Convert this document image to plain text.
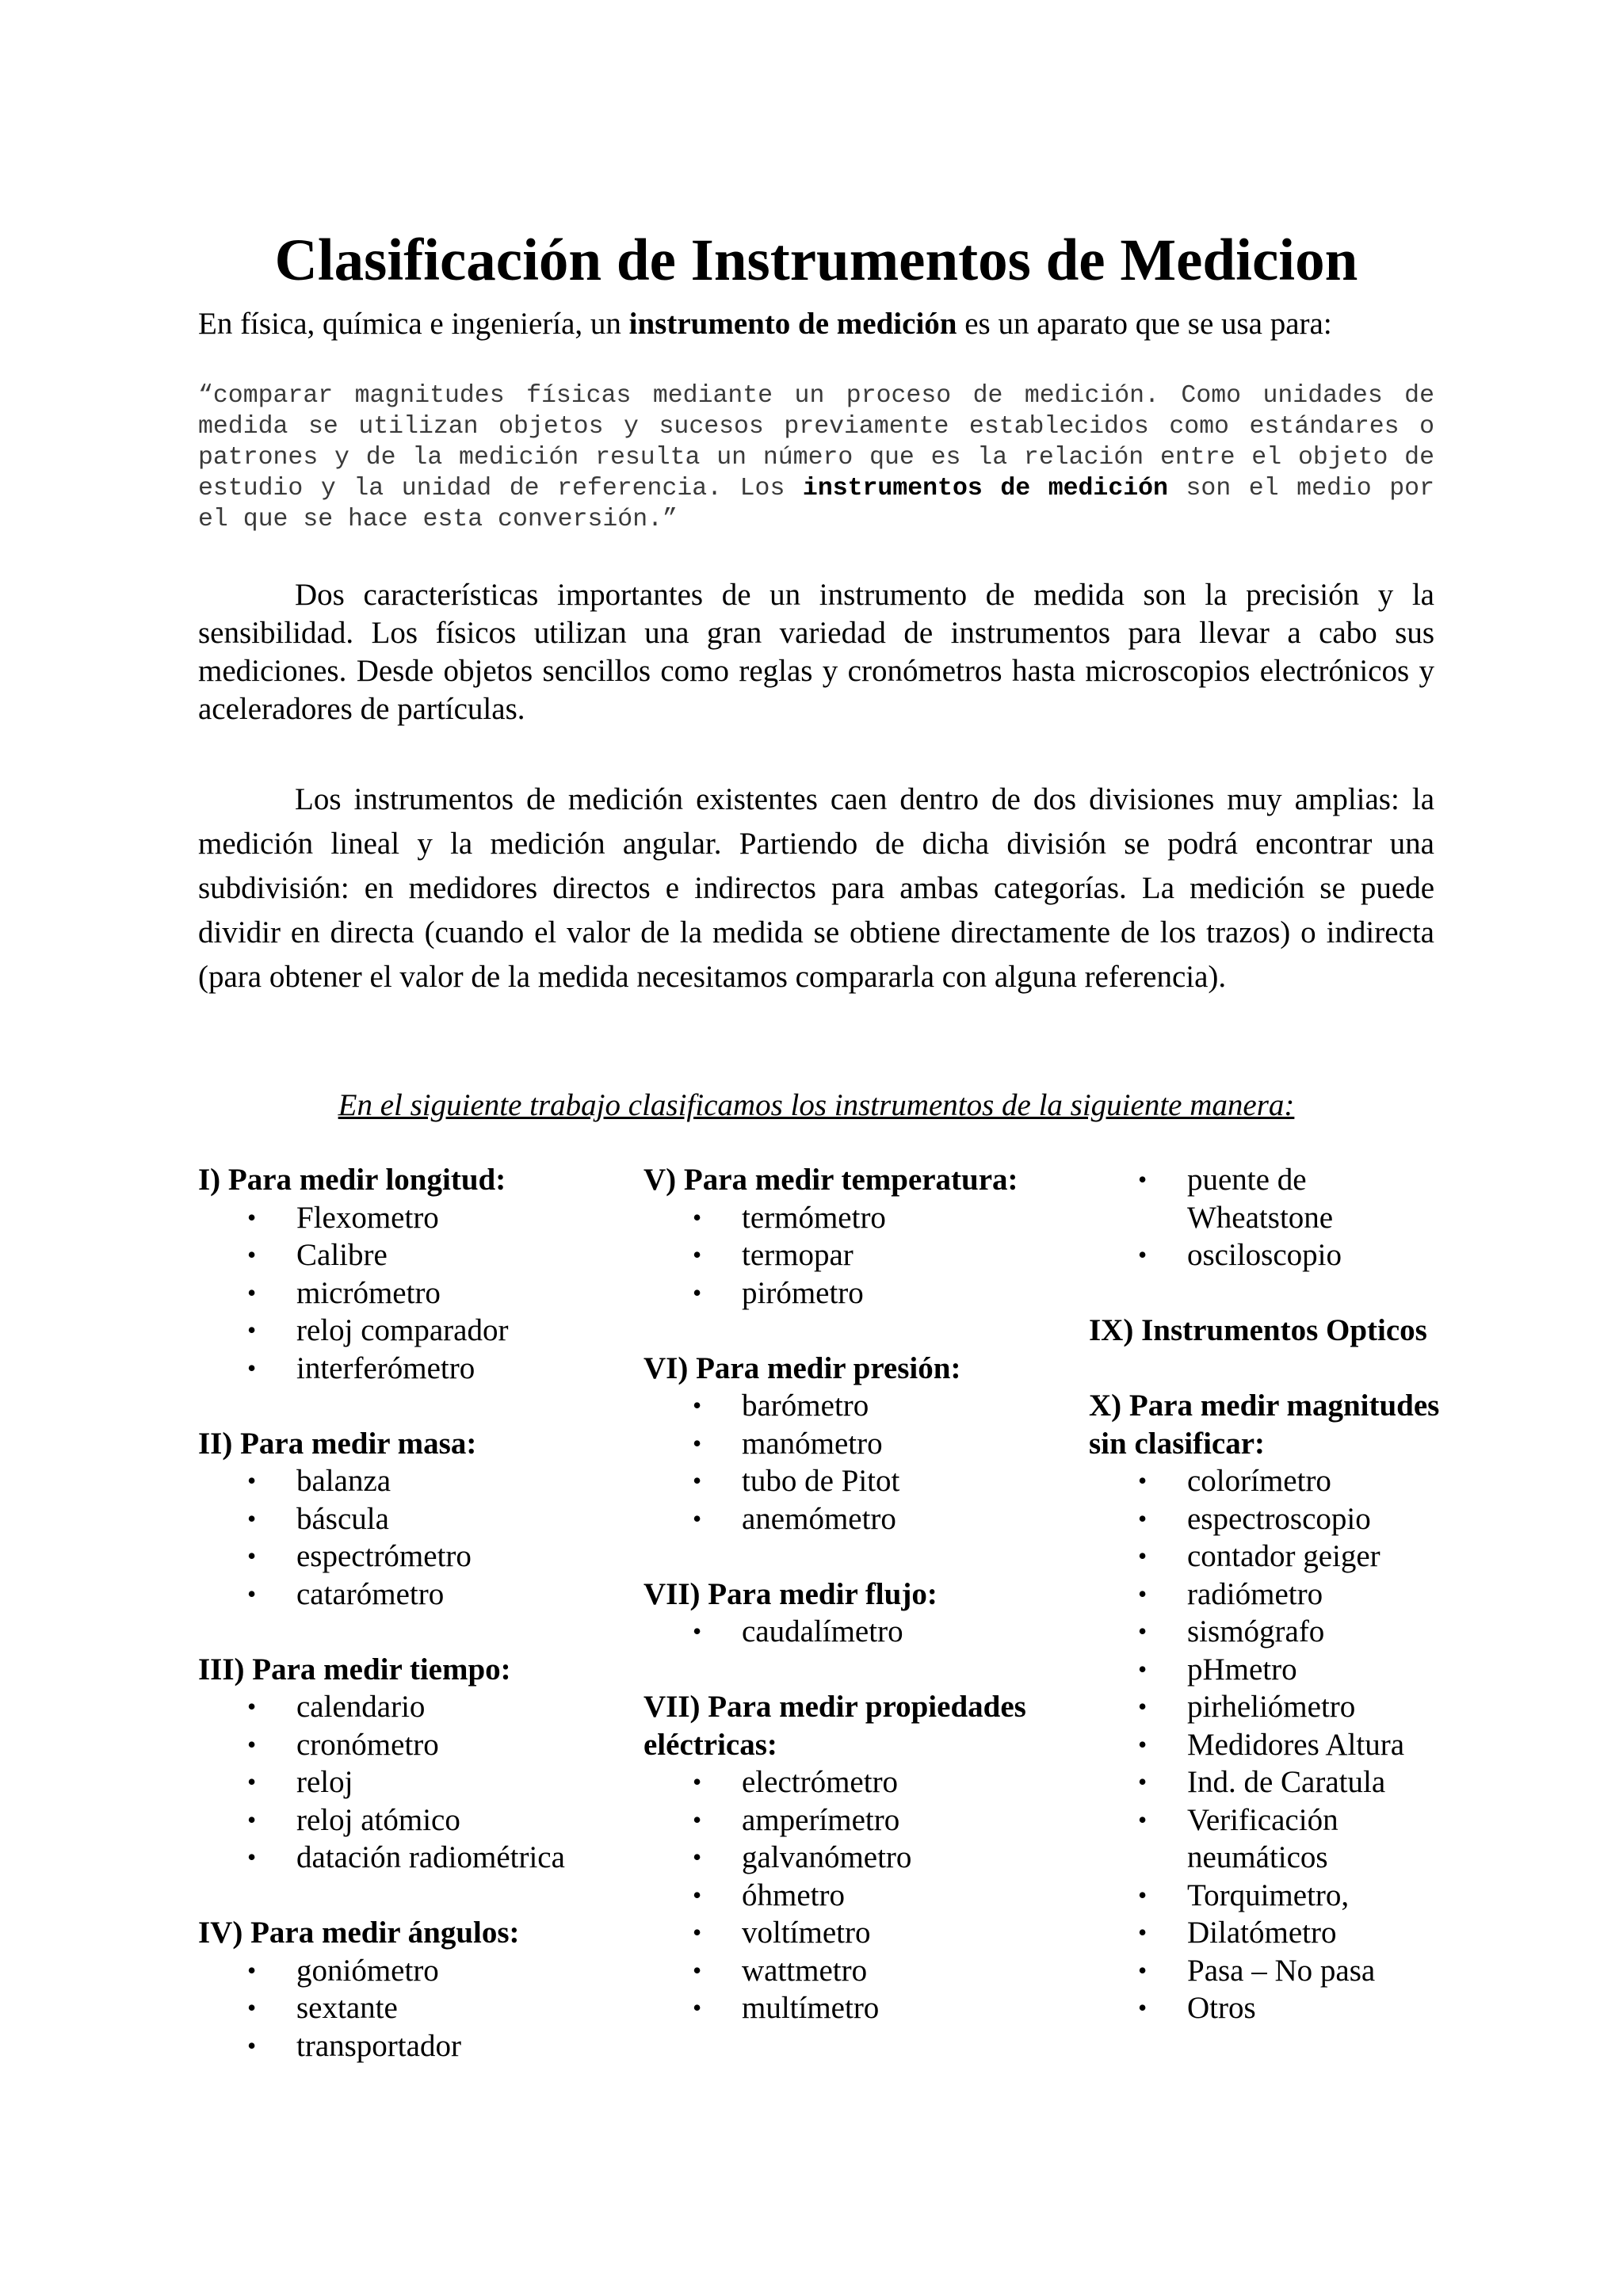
Clasificación de Instrumentos de Medicion
En física, química e ingeniería, un instrumento de medición es un aparato que se usa para:
“comparar magnitudes físicas mediante un proceso de medición. Como unidades de medida se utilizan objetos y sucesos previamente establecidos como estándares o patrones y de la medición resulta un número que es la relación entre el objeto de estudio y la unidad de referencia. Los instrumentos de medición son el medio por el que se hace esta conversión.”

Dos características importantes de un instrumento de medida son la precisión y la sensibilidad. Los físicos utilizan una gran variedad de instrumentos para llevar a cabo sus mediciones. Desde objetos sencillos como reglas y cronómetros hasta microscopios electrónicos y aceleradores de partículas.

Los instrumentos de medición existentes caen dentro de dos divisiones muy amplias: la medición lineal y la medición angular. Partiendo de dicha división se podrá encontrar una subdivisión: en medidores directos e indirectos para ambas categorías. La medición se puede dividir en directa (cuando el valor de la medida se obtiene directamente de los trazos) o indirecta (para obtener el valor de la medida necesitamos compararla con alguna referencia).

En el siguiente trabajo clasificamos los instrumentos de la siguiente manera:
I) Para medir longitud:
• Flexometro
• Calibre
• micrómetro
• reloj comparador
• interferómetro
II) Para medir masa:
• balanza
• báscula
• espectrómetro
• catarómetro
III) Para medir tiempo:
• calendario
• cronómetro
• reloj
• reloj atómico
• datación radiométrica
IV) Para medir ángulos:
• goniómetro
• sextante
• transportador
V) Para medir temperatura:
• termómetro
• termopar
• pirómetro
VI) Para medir presión:
• barómetro
• manómetro
• tubo de Pitot
• anemómetro
VII) Para medir flujo:
• caudalímetro
VII) Para medir propiedades eléctricas:
• electrómetro
• amperímetro
• galvanómetro
• óhmetro
• voltímetro
• wattmetro
• multímetro
• puente de Wheatstone
• osciloscopio
IX) Instrumentos Opticos
X) Para medir magnitudes sin clasificar:
• colorímetro
• espectroscopio
• contador geiger
• radiómetro
• sismógrafo
• pHmetro
• pirheliómetro
• Medidores Altura
• Ind. de Caratula
• Verificación neumáticos
• Torquimetro,
• Dilatómetro
• Pasa – No pasa
• Otros
